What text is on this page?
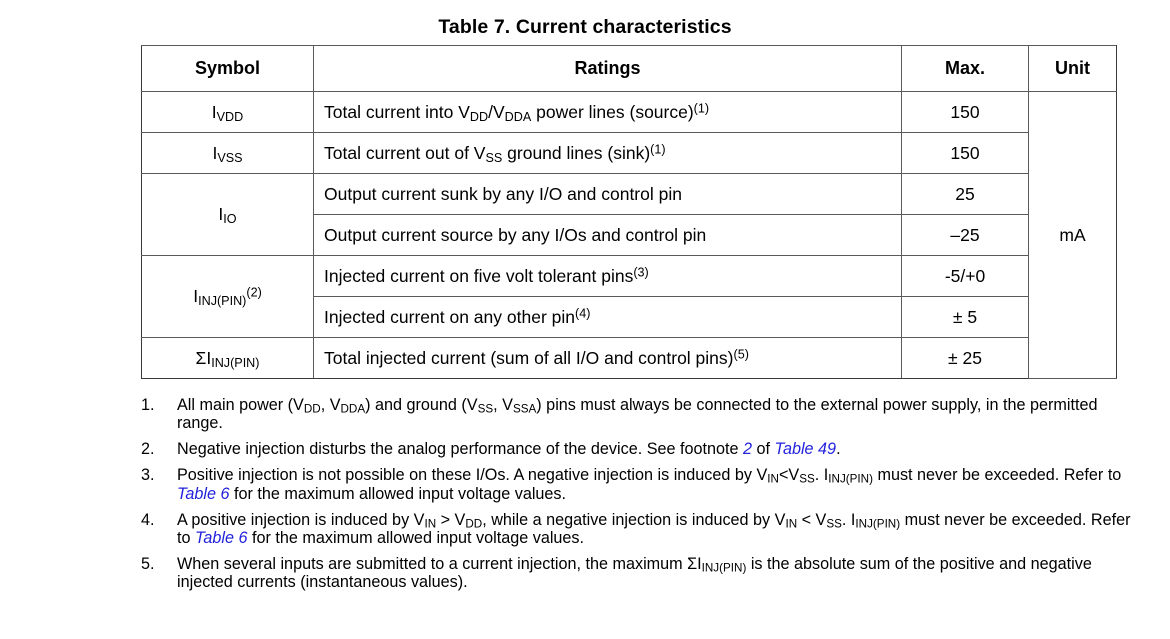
Table 7. Current characteristics
Symbol	Ratings	Max.	Unit
$I_{VDD}$	Total current into $V_{DD}/V_{DDA}$ power lines (source)$^{(1)}$	150	mA
$I_{VSS}$	Total current out of $V_{SS}$ ground lines $(\sin k)^{(1)}$	150	
$I_{IO}$	Output current sunk by any I/O and control pin	25	
	Output current source by any I/Os and control pin	–25	
$I_{INJ(PIN)}^{(2)}$	Injected current on five volt tolerant pins$^{(3)}$	-5/+0	
	Injected current on any other pin$^{(4)}$	± 5	
$\Sigma I_{INJ(PIN)}$	Total injected current (sum of all I/O and control pins)$^{(5)}$	± 25	
1.	All main power ($V_{DD}$, $V_{DDA}$) and ground ($V_{SS}$, $V_{SSA}$) pins must always be connected to the external power supply, in the permitted range.
2.	Negative injection disturbs the analog performance of the device. See footnote 2 of Table 49.
3.	Positive injection is not possible on these I/Os. A negative injection is induced by $V_{IN}<V_{SS}$. $I_{INJ(PIN)}$ must never be exceeded. Refer to Table 6 for the maximum allowed input voltage values.
4.	A positive injection is induced by $V_{IN} > V_{DD}$, while a negative injection is induced by $V_{IN} < V_{SS}$. $I_{INJ(PIN)}$ must never be exceeded. Refer to Table 6 for the maximum allowed input voltage values.
5.	When several inputs are submitted to a current injection, the maximum $\Sigma I_{INJ(PIN)}$ is the absolute sum of the positive and negative injected currents (instantaneous values).
